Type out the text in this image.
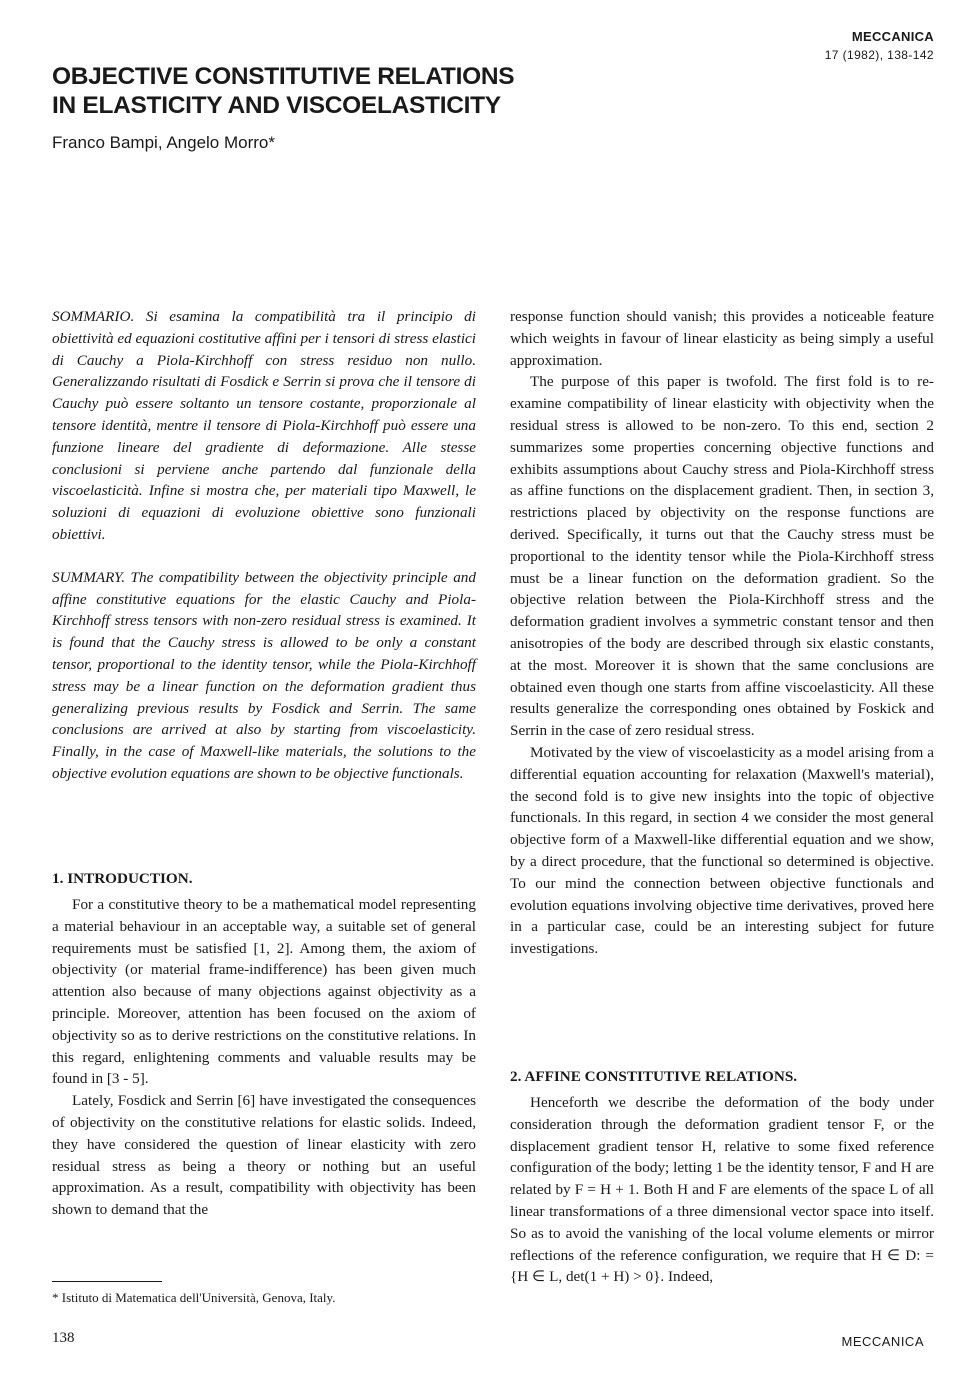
MECCANICA
17 (1982), 138-142
OBJECTIVE CONSTITUTIVE RELATIONS
IN ELASTICITY AND VISCOELASTICITY
Franco Bampi, Angelo Morro*

SOMMARIO. Si esamina la compatibilità tra il principio di obiettività ed equazioni costitutive affini per i tensori di stress elastici di Cauchy a Piola-Kirchhoff con stress residuo non nullo. Generalizzando risultati di Fosdick e Serrin si prova che il tensore di Cauchy può essere soltanto un tensore costante, proporzionale al tensore identità, mentre il tensore di Piola-Kirchhoff può essere una funzione lineare del gradiente di deformazione. Alle stesse conclusioni si perviene anche partendo dal funzionale della viscoelasticità. Infine si mostra che, per materiali tipo Maxwell, le soluzioni di equazioni di evoluzione obiettive sono funzionali obiettivi.

SUMMARY. The compatibility between the objectivity principle and affine constitutive equations for the elastic Cauchy and Piola-Kirchhoff stress tensors with non-zero residual stress is examined. It is found that the Cauchy stress is allowed to be only a constant tensor, proportional to the identity tensor, while the Piola-Kirchhoff stress may be a linear function on the deformation gradient thus generalizing previous results by Fosdick and Serrin. The same conclusions are arrived at also by starting from viscoelasticity. Finally, in the case of Maxwell-like materials, the solutions to the objective evolution equations are shown to be objective functionals.

1. INTRODUCTION.

For a constitutive theory to be a mathematical model representing a material behaviour in an acceptable way, a suitable set of general requirements must be satisfied [1, 2]. Among them, the axiom of objectivity (or material frame-indifference) has been given much attention also because of many objections against objectivity as a principle. Moreover, attention has been focused on the axiom of objectivity so as to derive restrictions on the constitutive relations. In this regard, enlightening comments and valuable results may be found in [3 - 5].

Lately, Fosdick and Serrin [6] have investigated the consequences of objectivity on the constitutive relations for elastic solids. Indeed, they have considered the question of linear elasticity with zero residual stress as being a theory or nothing but an useful approximation. As a result, compatibility with objectivity has been shown to demand that the

response function should vanish; this provides a noticeable feature which weights in favour of linear elasticity as being simply a useful approximation.

The purpose of this paper is twofold. The first fold is to re-examine compatibility of linear elasticity with objectivity when the residual stress is allowed to be non-zero. To this end, section 2 summarizes some properties concerning objective functions and exhibits assumptions about Cauchy stress and Piola-Kirchhoff stress as affine functions on the displacement gradient. Then, in section 3, restrictions placed by objectivity on the response functions are derived. Specifically, it turns out that the Cauchy stress must be proportional to the identity tensor while the Piola-Kirchhoff stress must be a linear function on the deformation gradient. So the objective relation between the Piola-Kirchhoff stress and the deformation gradient involves a symmetric constant tensor and then anisotropies of the body are described through six elastic constants, at the most. Moreover it is shown that the same conclusions are obtained even though one starts from affine viscoelasticity. All these results generalize the corresponding ones obtained by Foskick and Serrin in the case of zero residual stress.

Motivated by the view of viscoelasticity as a model arising from a differential equation accounting for relaxation (Maxwell's material), the second fold is to give new insights into the topic of objective functionals. In this regard, in section 4 we consider the most general objective form of a Maxwell-like differential equation and we show, by a direct procedure, that the functional so determined is objective. To our mind the connection between objective functionals and evolution equations involving objective time derivatives, proved here in a particular case, could be an interesting subject for future investigations.

2. AFFINE CONSTITUTIVE RELATIONS.

Henceforth we describe the deformation of the body under consideration through the deformation gradient tensor F, or the displacement gradient tensor H, relative to some fixed reference configuration of the body; letting 1 be the identity tensor, F and H are related by F = H + 1. Both H and F are elements of the space L of all linear transformations of a three dimensional vector space into itself. So as to avoid the vanishing of the local volume elements or mirror reflections of the reference configuration, we require that H ∈ D: = {H ∈ L, det(1 + H) > 0}. Indeed,

* Istituto di Matematica dell'Università, Genova, Italy.
138	MECCANICA
